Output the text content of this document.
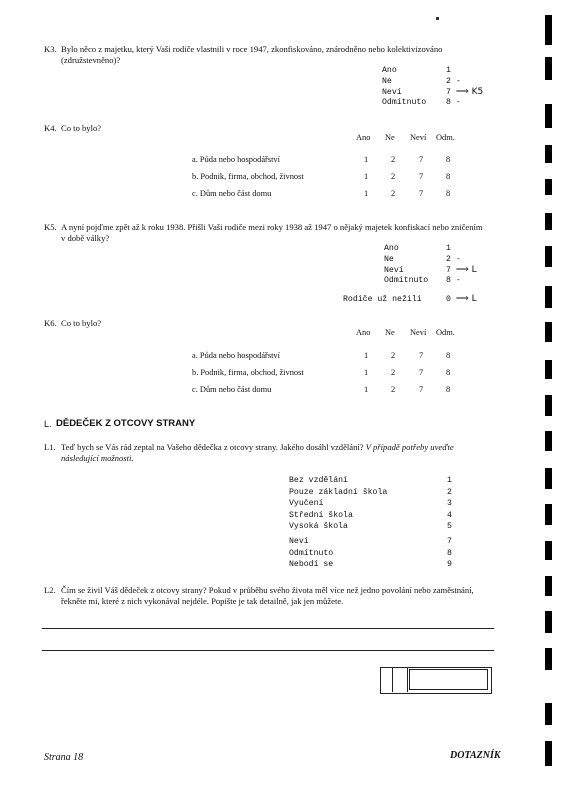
K3. Bylo něco z majetku, který Vaši rodiče vlastnili v roce 1947, zkonfiskováno, znárodněno nebo kolektivizováno (združstevněno)?
Ano	1
Ne	2 -
Neví	7 ⟹ K5
Odmítnuto 8 -
K4. Co to bylo?
Ano Ne Neví Odm.
a. Půda nebo hospodářství	1	2	7	8
b. Podnik, firma, obchod, živnost	1	2	7	8
c. Dům nebo část domu	1	2	7	8
K5. A nyní pojďme zpět až k roku 1938. Přišli Vaši rodiče mezi roky 1938 až 1947 o nějaký majetek konfiskací nebo zničením v době války?
Ano	1
Ne	2 -
Neví	7 ⟹ L
Odmítnuto 8 -
Rodiče už nežili	0 ⟹ L
K6. Co to bylo?
Ano Ne Neví Odm.
a. Půda nebo hospodářství	1	2	7	8
b. Podnik, firma, obchod, živnost	1	2	7	8
c. Dům nebo část domu	1	2	7	8
L. DĚDEČEK Z OTCOVY STRANY
L1. Teď bych se Vás rád zeptal na Vašeho dědečka z otcovy strany. Jakého dosáhl vzdělání? V případě potřeby uveďte následující možnosti.
Bez vzdělání	1
Pouze základní škola	2
Vyučení	3
Střední škola	4
Vysoká škola	5
Neví	7
Odmítnuto	8
Nebodí se	9
L2. Čím se živil Váš dědeček z otcovy strany? Pokud v průběhu svého života měl více než jedno povolání nebo zaměstnání, řekněte mi, které z nich vykonával nejdéle. Popište je tak detailně, jak jen můžete.
Strana 18	DOTAZNÍK
